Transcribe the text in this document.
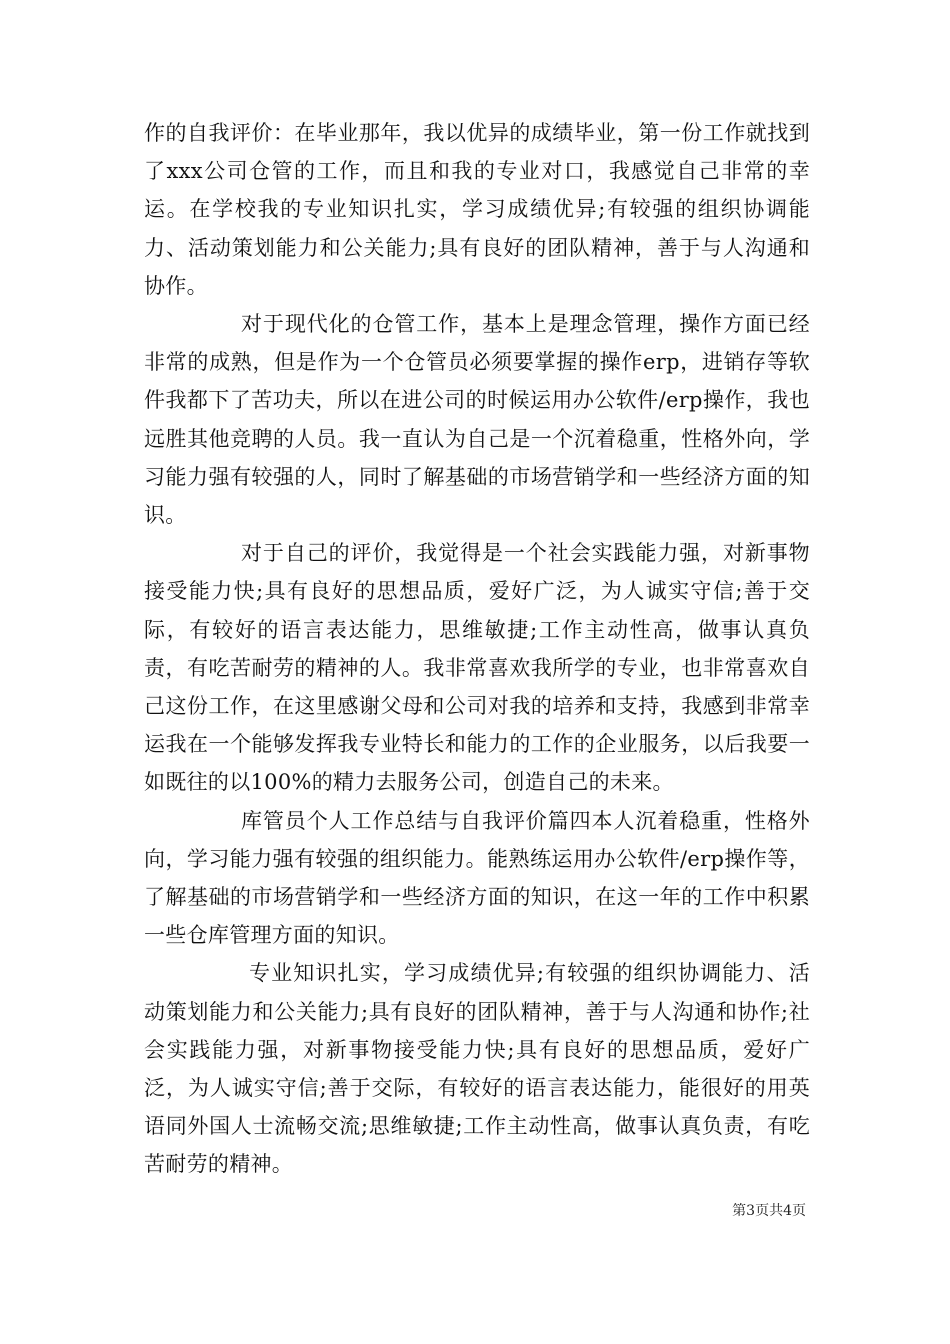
作的自我评价：在毕业那年，我以优异的成绩毕业，第一份工作就找到了xxx公司仓管的工作，而且和我的专业对口，我感觉自己非常的幸运。在学校我的专业知识扎实，学习成绩优异;有较强的组织协调能力、活动策划能力和公关能力;具有良好的团队精神，善于与人沟通和协作。

对于现代化的仓管工作，基本上是理念管理，操作方面已经非常的成熟，但是作为一个仓管员必须要掌握的操作erp，进销存等软件我都下了苦功夫，所以在进公司的时候运用办公软件/erp操作，我也远胜其他竞聘的人员。我一直认为自己是一个沉着稳重，性格外向，学习能力强有较强的人，同时了解基础的市场营销学和一些经济方面的知识。

对于自己的评价，我觉得是一个社会实践能力强，对新事物接受能力快;具有良好的思想品质，爱好广泛，为人诚实守信;善于交际，有较好的语言表达能力，思维敏捷;工作主动性高，做事认真负责，有吃苦耐劳的精神的人。我非常喜欢我所学的专业，也非常喜欢自己这份工作，在这里感谢父母和公司对我的培养和支持，我感到非常幸运我在一个能够发挥我专业特长和能力的工作的企业服务，以后我要一如既往的以100%的精力去服务公司，创造自己的未来。

库管员个人工作总结与自我评价篇四本人沉着稳重，性格外向，学习能力强有较强的组织能力。能熟练运用办公软件/erp操作等，了解基础的市场营销学和一些经济方面的知识，在这一年的工作中积累一些仓库管理方面的知识。

专业知识扎实，学习成绩优异;有较强的组织协调能力、活动策划能力和公关能力;具有良好的团队精神，善于与人沟通和协作;社会实践能力强，对新事物接受能力快;具有良好的思想品质，爱好广泛，为人诚实守信;善于交际，有较好的语言表达能力，能很好的用英语同外国人士流畅交流;思维敏捷;工作主动性高，做事认真负责，有吃苦耐劳的精神。

第3页共4页
